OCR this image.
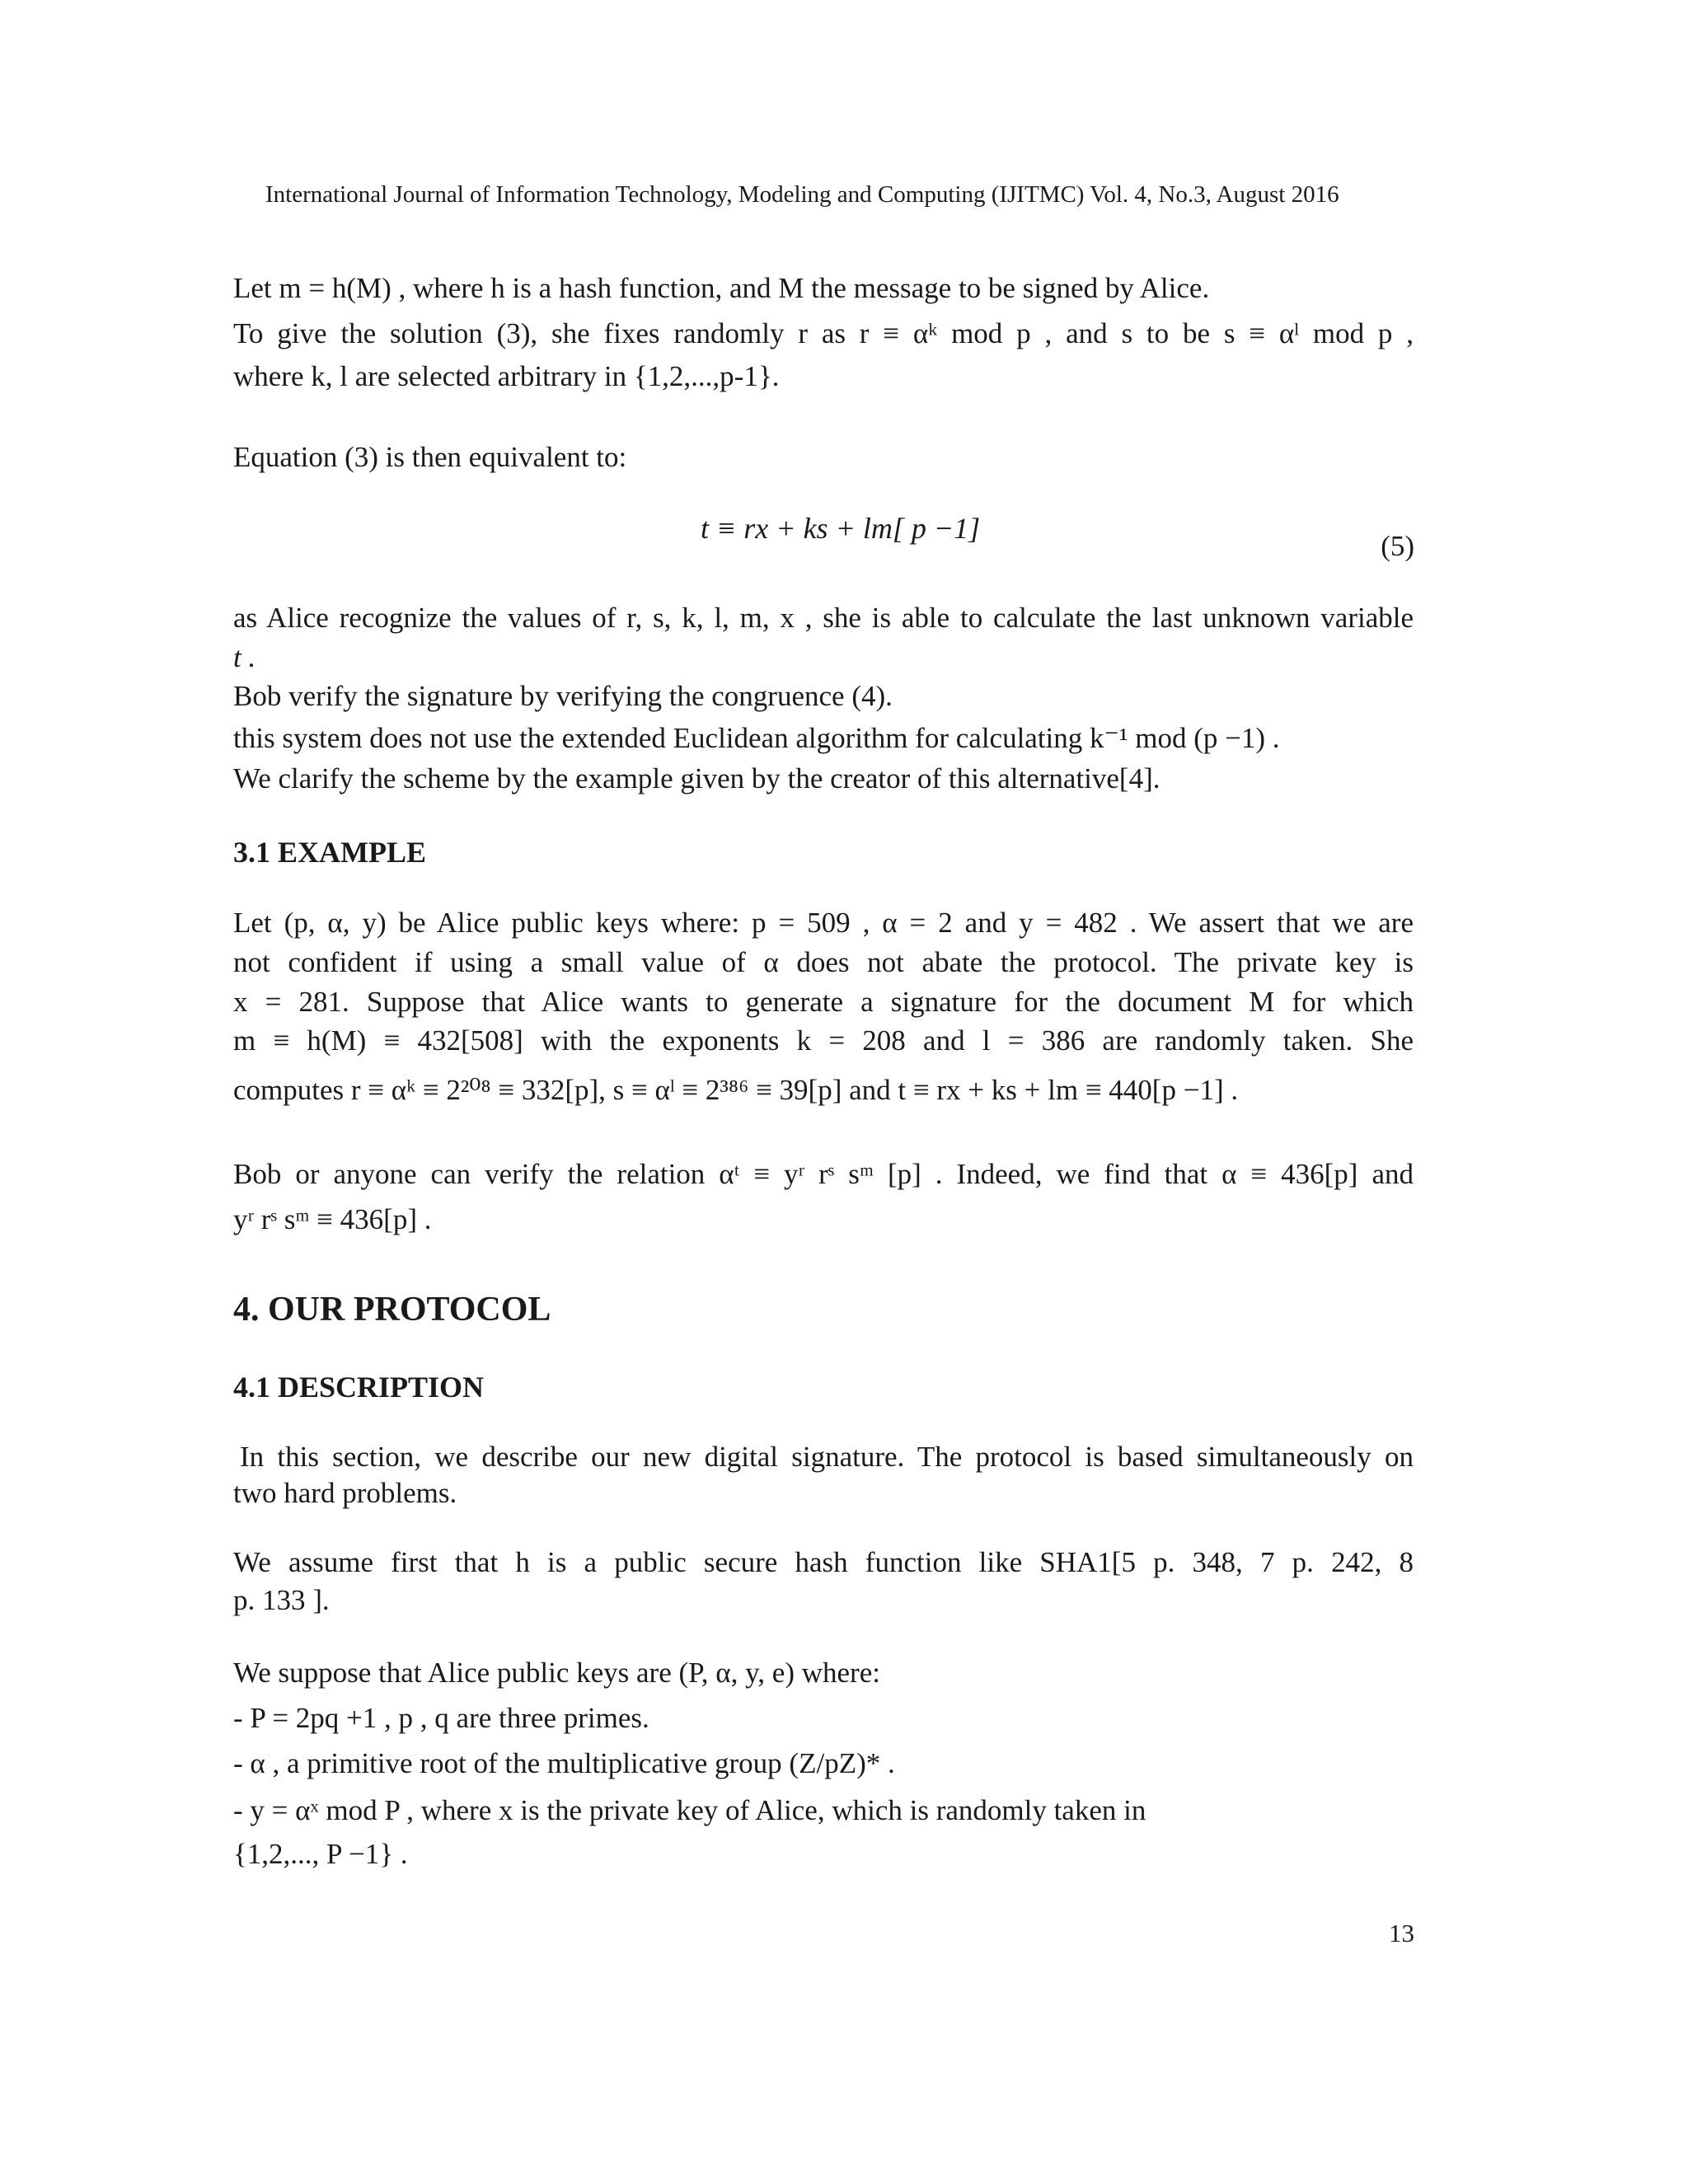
International Journal of Information Technology, Modeling and Computing (IJITMC) Vol. 4, No.3, August 2016
Let m = h(M) , where h is a hash function, and M the message to be signed by Alice.
To give the solution (3), she fixes randomly r as r ≡ αᵏ mod p , and s to be s ≡ αˡ mod p ,
where k, l are selected arbitrary in {1,2,...,p-1}.
Equation (3) is then equivalent to:
t ≡ rx + ks + lm[ p −1]
(5)
as Alice recognize the values of r, s, k, l, m, x , she is able to calculate the last unknown variable
t .
Bob verify the signature by verifying the congruence (4).
this system does not use the extended Euclidean algorithm for calculating k⁻¹ mod (p −1) .
We clarify the scheme by the example given by the creator of this alternative[4].
3.1 EXAMPLE
Let (p, α, y) be Alice public keys where: p = 509 , α = 2 and y = 482 . We assert that we are
not confident if using a small value of α does not abate the protocol. The private key is
x = 281. Suppose that Alice wants to generate a signature for the document M for which
m ≡ h(M) ≡ 432[508] with the exponents k = 208 and l = 386 are randomly taken. She
computes r ≡ αᵏ ≡ 2²⁰⁸ ≡ 332[p], s ≡ αˡ ≡ 2³⁸⁶ ≡ 39[p] and t ≡ rx + ks + lm ≡ 440[p −1] .
Bob or anyone can verify the relation αᵗ ≡ yʳ rˢ sᵐ [p] . Indeed, we find that α ≡ 436[p] and
yʳ rˢ sᵐ ≡ 436[p] .
4. OUR PROTOCOL
4.1 DESCRIPTION
In this section, we describe our new digital signature. The protocol is based simultaneously on
two hard problems.
We assume first that h is a public secure hash function like SHA1[5 p. 348, 7 p. 242, 8
p. 133 ].
We suppose that Alice public keys are (P, α, y, e) where:
- P = 2pq +1 , p , q are three primes.
- α , a primitive root of the multiplicative group (Z/pZ)* .
- y = αˣ mod P , where x is the private key of Alice, which is randomly taken in
{1,2,..., P −1} .
13
